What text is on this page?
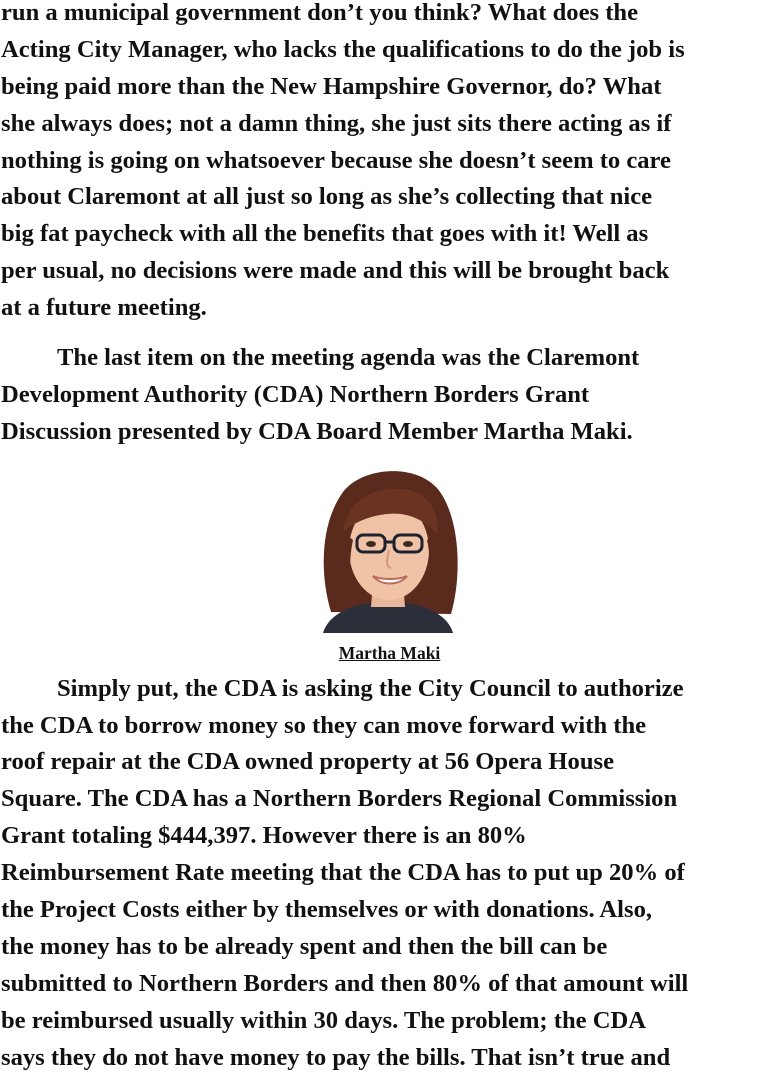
run a municipal government don’t you think? What does the
Acting City Manager, who lacks the qualifications to do the job is
being paid more than the New Hampshire Governor, do? What
she always does; not a damn thing, she just sits there acting as if
nothing is going on whatsoever because she doesn’t seem to care
about Claremont at all just so long as she’s collecting that nice
big fat paycheck with all the benefits that goes with it! Well as
per usual, no decisions were made and this will be brought back
at a future meeting.
The last item on the meeting agenda was the Claremont
Development Authority (CDA) Northern Borders Grant
Discussion presented by CDA Board Member Martha Maki.
Martha Maki
Simply put, the CDA is asking the City Council to authorize
the CDA to borrow money so they can move forward with the
roof repair at the CDA owned property at 56 Opera House
Square. The CDA has a Northern Borders Regional Commission
Grant totaling $444,397. However there is an 80%
Reimbursement Rate meeting that the CDA has to put up 20% of
the Project Costs either by themselves or with donations. Also,
the money has to be already spent and then the bill can be
submitted to Northern Borders and then 80% of that amount will
be reimbursed usually within 30 days. The problem; the CDA
says they do not have money to pay the bills. That isn’t true and
